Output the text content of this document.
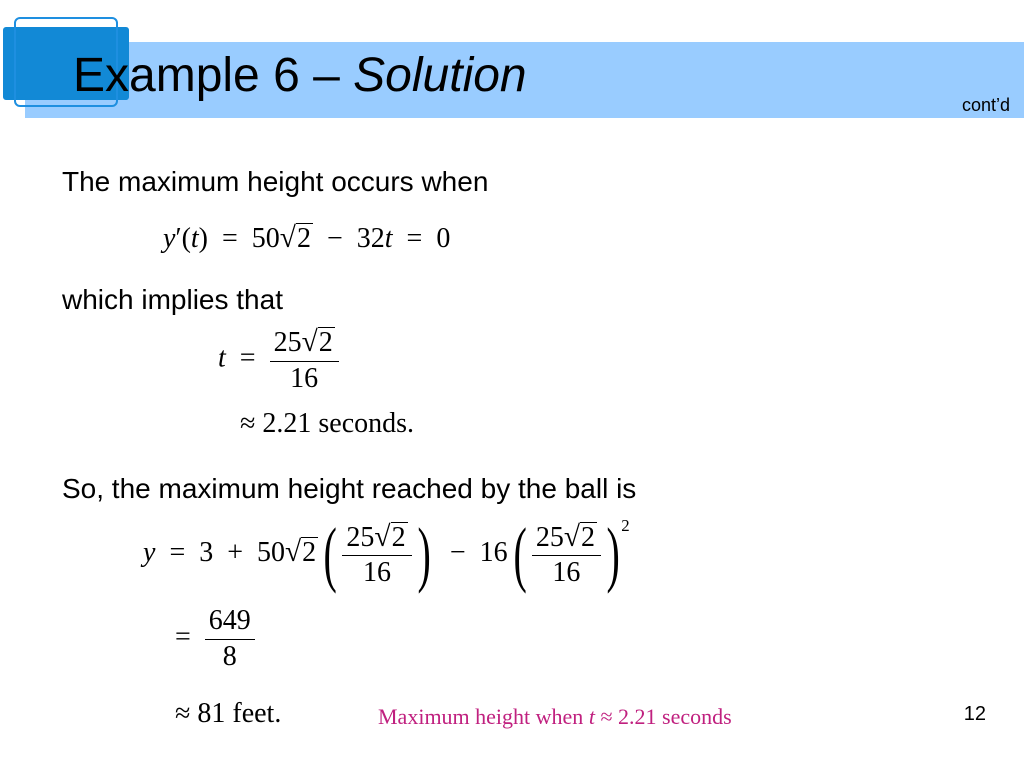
Example 6 – Solution
cont’d
The maximum height occurs when
y′(t) = 50√2 − 32t = 0
which implies that
$t = \frac{25√2}{16}$
≈ 2.21 seconds.
So, the maximum height reached by the ball is
y = 3 + 50√2 ( $\frac{25√2}{16}$ ) − $16( \frac{25√2}{16} )^2$
= $\frac{649}{8}$
≈ 81 feet.	Maximum height when t ≈ 2.21 seconds	12
